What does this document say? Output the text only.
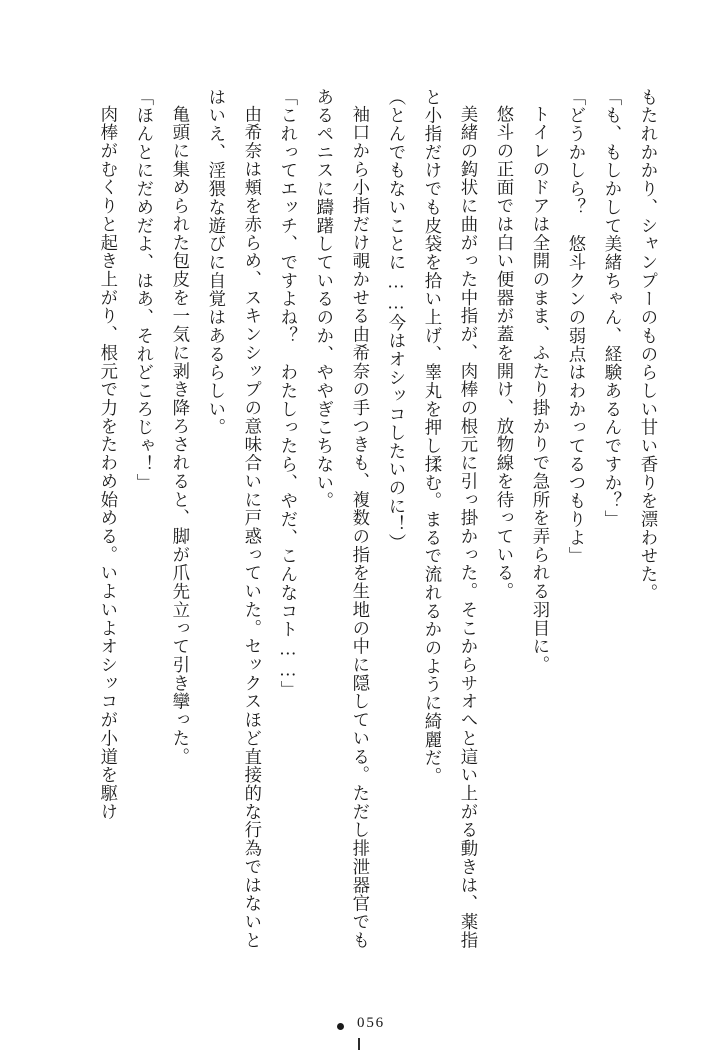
もたれかかり、シャンプーのものらしい甘い香りを漂わせた。

「も、もしかして美緒ちゃん、経験あるんですか？」

「どうかしら？　悠斗クンの弱点はわかってるつもりよ」

トイレのドアは全開のまま、ふたり掛かりで急所を弄られる羽目に。

悠斗の正面では白い便器が蓋を開け、放物線を待っている。

美緒の鈎状に曲がった中指が、肉棒の根元に引っ掛かった。そこからサオへと這い上がる動きは、薬指と小指だけでも皮袋を拾い上げ、睾丸を押し揉む。まるで流れるかのように綺麗だ。

（とんでもないことに……今はオシッコしたいのに！）

袖口から小指だけ覗かせる由希奈の手つきも、複数の指を生地の中に隠している。ただし排泄器官でもあるペニスに躊躇しているのか、ややぎこちない。

「これってエッチ、ですよね？　わたしったら、やだ、こんなコト……」

由希奈は頬を赤らめ、スキンシップの意味合いに戸惑っていた。セックスほど直接的な行為ではないとはいえ、淫猥な遊びに自覚はあるらしい。

亀頭に集められた包皮を一気に剥き降ろされると、脚が爪先立って引き攣った。

「ほんとにだめだよ、はあ、それどころじゃ！」

肉棒がむくりと起き上がり、根元で力をたわめ始める。いよいよオシッコが小道を駆け

056
